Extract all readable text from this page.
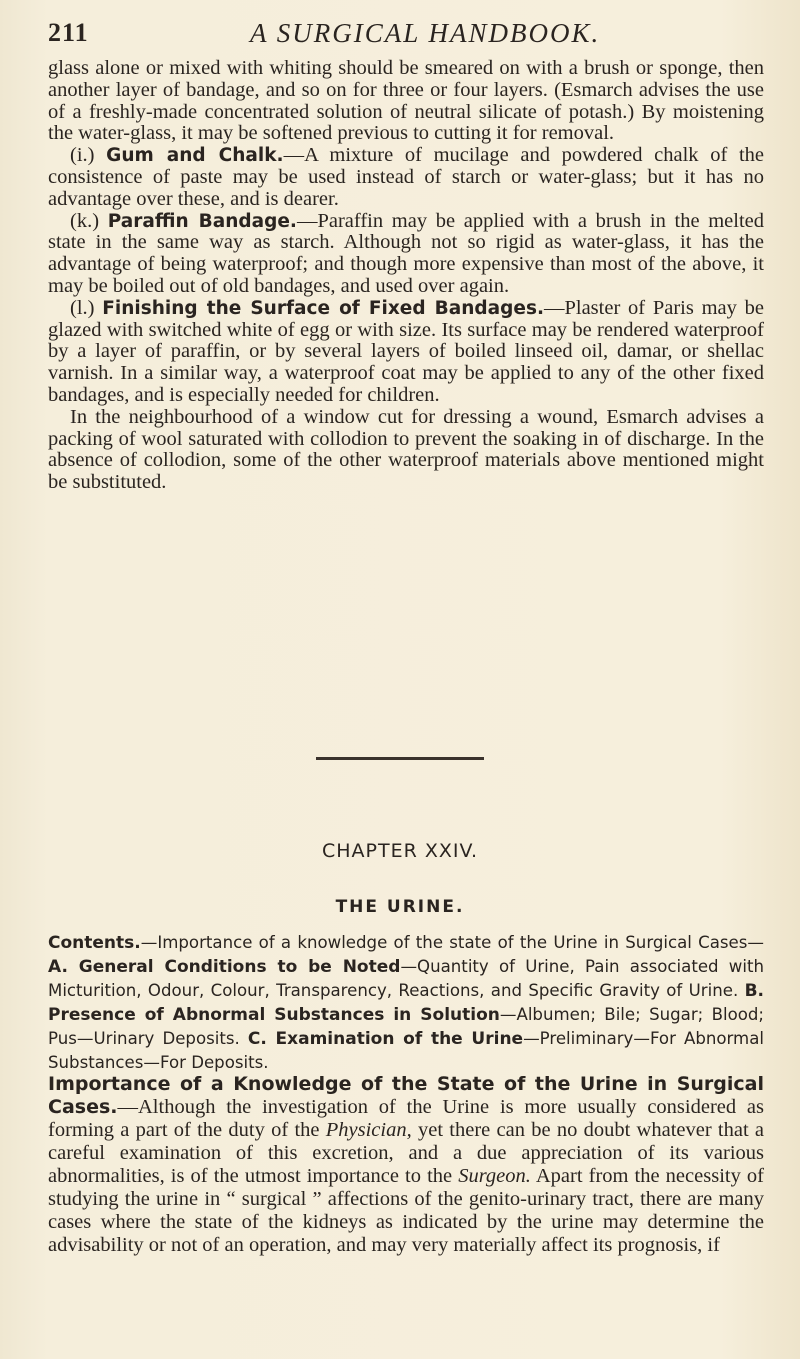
211	A SURGICAL HANDBOOK.

glass alone or mixed with whiting should be smeared on with a brush or sponge, then another layer of bandage, and so on for three or four layers. (Esmarch advises the use of a freshly-made concentrated solution of neutral silicate of potash.) By moistening the water-glass, it may be softened previous to cutting it for removal.

(i.) Gum and Chalk.—A mixture of mucilage and powdered chalk of the consistence of paste may be used instead of starch or water-glass; but it has no advantage over these, and is dearer.

(k.) Paraffin Bandage.—Paraffin may be applied with a brush in the melted state in the same way as starch. Although not so rigid as water-glass, it has the advantage of being waterproof; and though more expensive than most of the above, it may be boiled out of old bandages, and used over again.

(l.) Finishing the Surface of Fixed Bandages.—Plaster of Paris may be glazed with switched white of egg or with size. Its surface may be rendered waterproof by a layer of paraffin, or by several layers of boiled linseed oil, damar, or shellac varnish. In a similar way, a waterproof coat may be applied to any of the other fixed bandages, and is especially needed for children.

In the neighbourhood of a window cut for dressing a wound, Esmarch advises a packing of wool saturated with collodion to prevent the soaking in of discharge. In the absence of collodion, some of the other waterproof materials above mentioned might be substituted.

CHAPTER XXIV.
THE URINE.
Contents.—Importance of a knowledge of the state of the Urine in Surgical Cases—A. General Conditions to be Noted—Quantity of Urine, Pain associated with Micturition, Odour, Colour, Transparency, Reactions, and Specific Gravity of Urine. B. Presence of Abnormal Substances in Solution—Albumen; Bile; Sugar; Blood; Pus—Urinary Deposits. C. Examination of the Urine—Preliminary—For Abnormal Substances—For Deposits.
Importance of a Knowledge of the State of the Urine in Surgical Cases.—Although the investigation of the Urine is more usually considered as forming a part of the duty of the Physician, yet there can be no doubt whatever that a careful examination of this excretion, and a due appreciation of its various abnormalities, is of the utmost importance to the Surgeon. Apart from the necessity of studying the urine in “ surgical ” affections of the genito-urinary tract, there are many cases where the state of the kidneys as indicated by the urine may determine the advisability or not of an operation, and may very materially affect its prognosis, if
